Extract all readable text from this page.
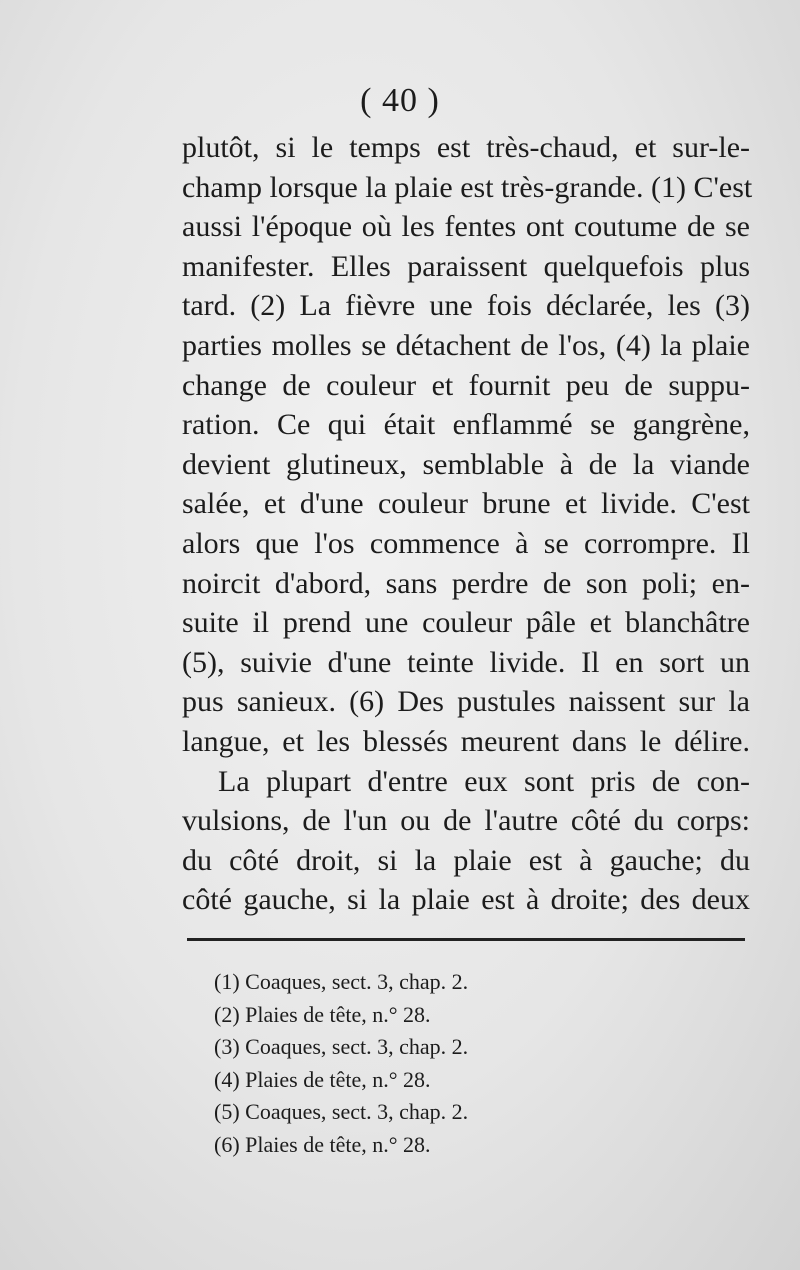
( 40 )
plutôt, si le temps est très-chaud, et sur-le-
champ lorsque la plaie est très-grande. (1) C'est
aussi l'époque où les fentes ont coutume de se
manifester. Elles paraissent quelquefois plus
tard. (2) La fièvre une fois déclarée, les (3)
parties molles se détachent de l'os, (4) la plaie
change de couleur et fournit peu de suppu-
ration. Ce qui était enflammé se gangrène,
devient glutineux, semblable à de la viande
salée, et d'une couleur brune et livide. C'est
alors que l'os commence à se corrompre. Il
noircit d'abord, sans perdre de son poli; en-
suite il prend une couleur pâle et blanchâtre
(5), suivie d'une teinte livide. Il en sort un
pus sanieux. (6) Des pustules naissent sur la
langue, et les blessés meurent dans le délire.
La plupart d'entre eux sont pris de con-
vulsions, de l'un ou de l'autre côté du corps:
du côté droit, si la plaie est à gauche; du
côté gauche, si la plaie est à droite; des deux
(1) Coaques, sect. 3, chap. 2.
(2) Plaies de tête, n.° 28.
(3) Coaques, sect. 3, chap. 2.
(4) Plaies de tête, n.° 28.
(5) Coaques, sect. 3, chap. 2.
(6) Plaies de tête, n.° 28.
